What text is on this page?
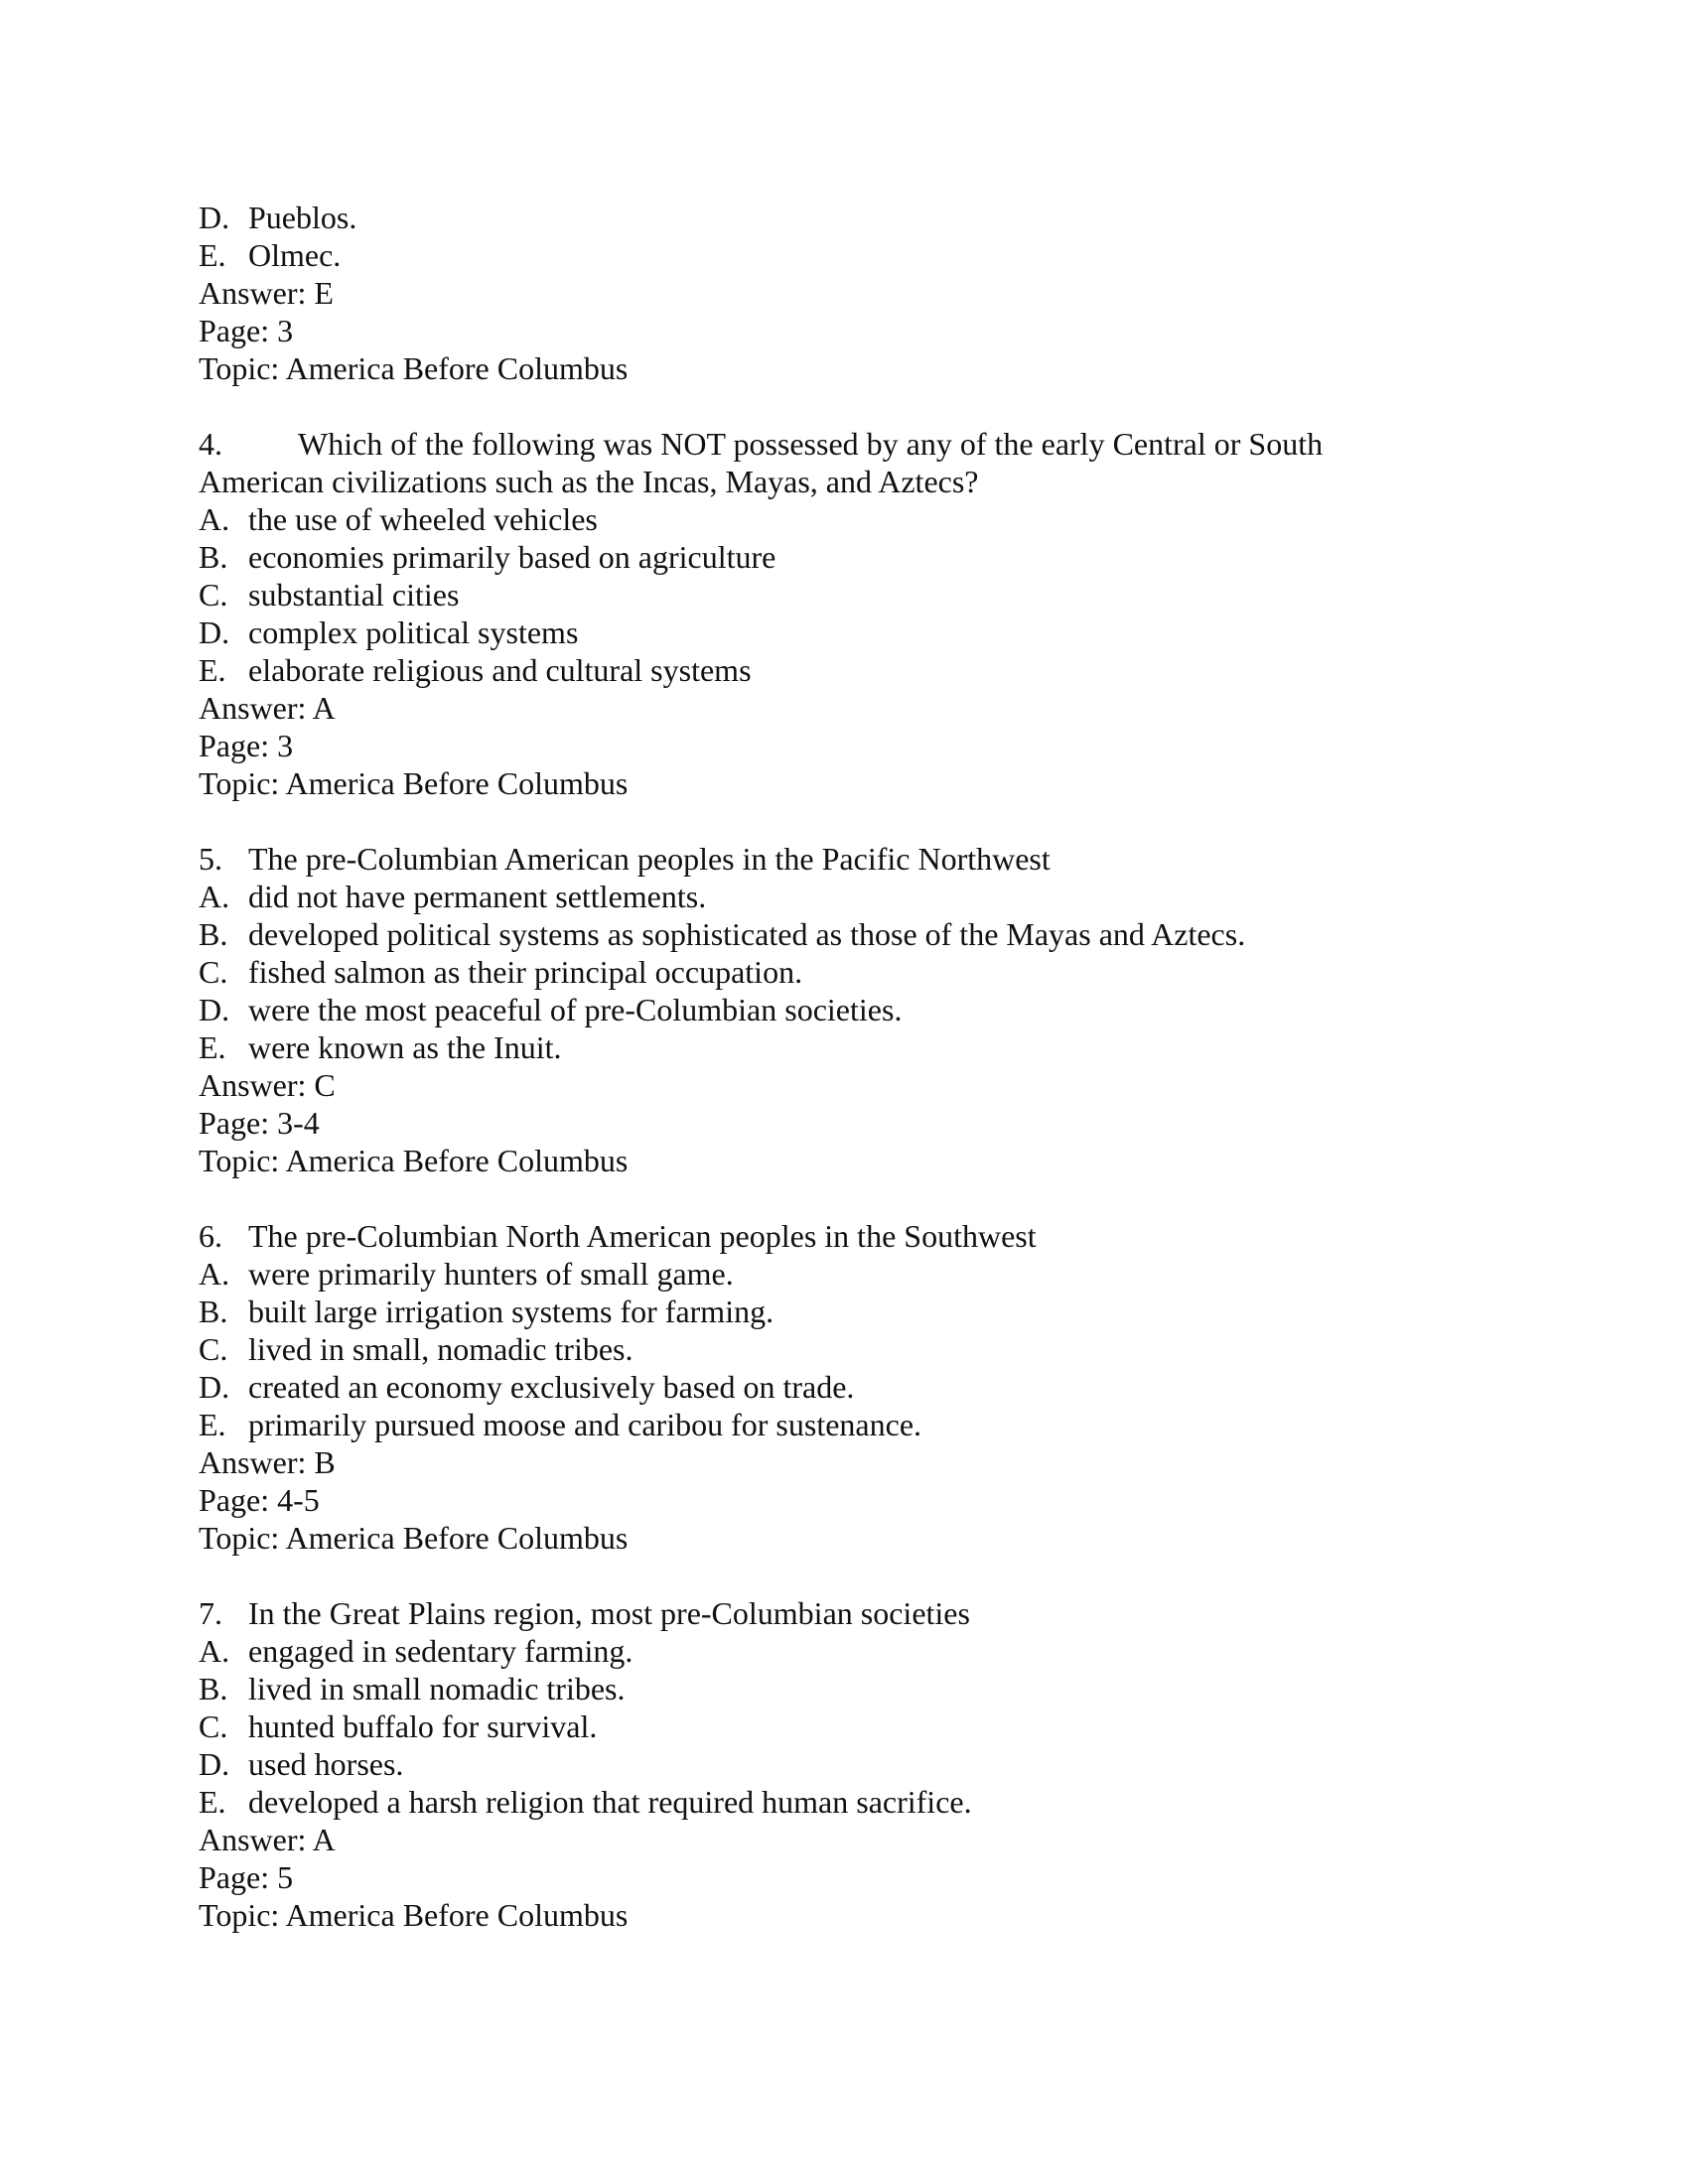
D. Pueblos.
E. Olmec.
Answer: E
Page: 3
Topic: America Before Columbus
4. Which of the following was NOT possessed by any of the early Central or South
American civilizations such as the Incas, Mayas, and Aztecs?
A. the use of wheeled vehicles
B. economies primarily based on agriculture
C. substantial cities
D. complex political systems
E. elaborate religious and cultural systems
Answer: A
Page: 3
Topic: America Before Columbus
5. The pre-Columbian American peoples in the Pacific Northwest
A. did not have permanent settlements.
B. developed political systems as sophisticated as those of the Mayas and Aztecs.
C. fished salmon as their principal occupation.
D. were the most peaceful of pre-Columbian societies.
E. were known as the Inuit.
Answer: C
Page: 3-4
Topic: America Before Columbus
6. The pre-Columbian North American peoples in the Southwest
A. were primarily hunters of small game.
B. built large irrigation systems for farming.
C. lived in small, nomadic tribes.
D. created an economy exclusively based on trade.
E. primarily pursued moose and caribou for sustenance.
Answer: B
Page: 4-5
Topic: America Before Columbus
7. In the Great Plains region, most pre-Columbian societies
A. engaged in sedentary farming.
B. lived in small nomadic tribes.
C. hunted buffalo for survival.
D. used horses.
E. developed a harsh religion that required human sacrifice.
Answer: A
Page: 5
Topic: America Before Columbus
